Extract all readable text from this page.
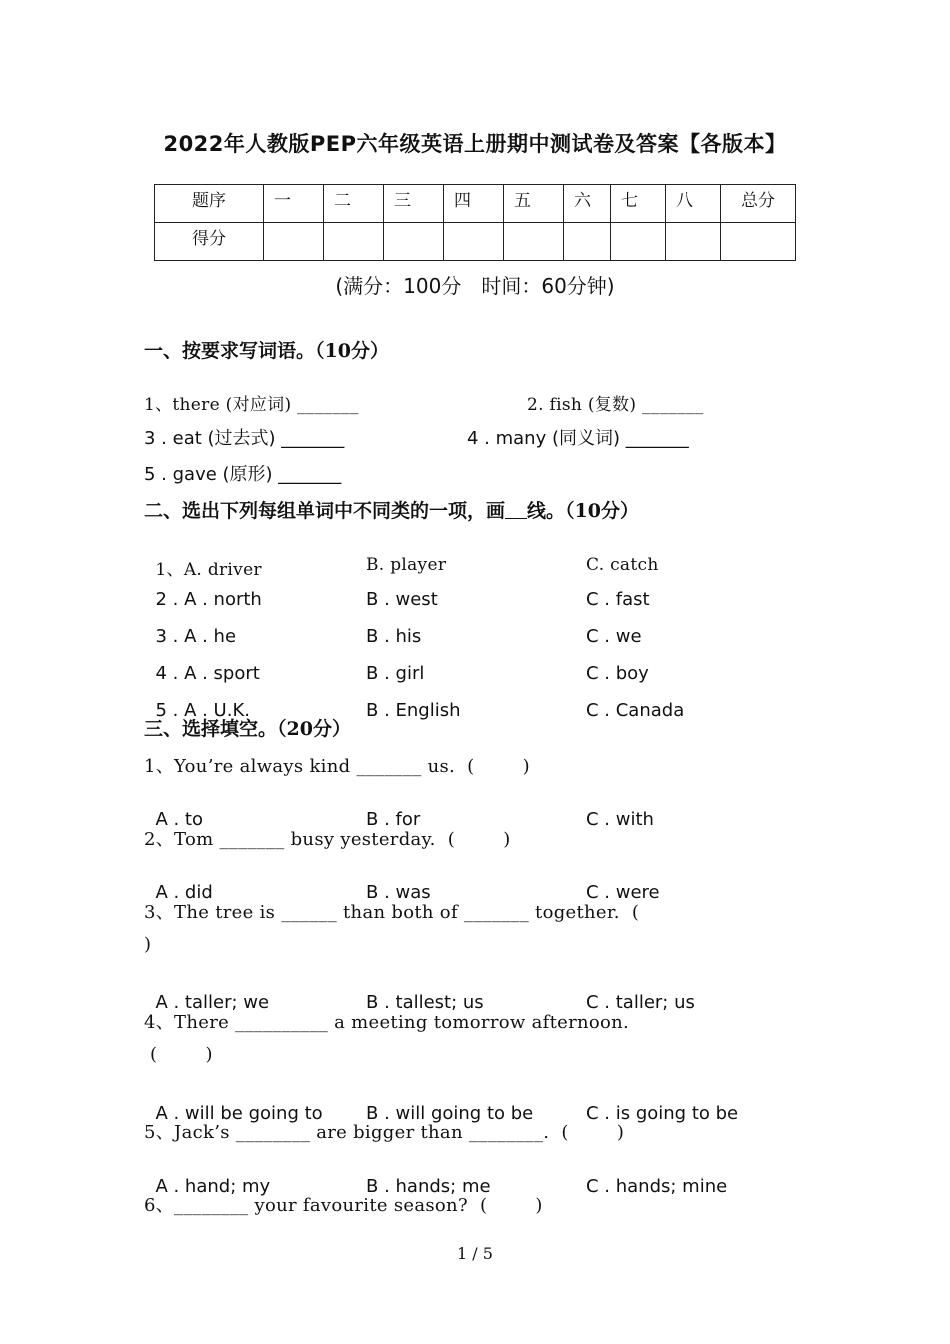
2022年人教版PEP六年级英语上册期中测试卷及答案【各版本】
题序	一	二	三	四	五	六	七	八	总分
得分									
(满分：100分　时间：60分钟)
一、按要求写词语。（10分）
1、there (对应词) _______	2. fish (复数) _______
3 . eat (过去式) _______	4 . many (同义词) _______
5 . gave (原形) _______
二、选出下列每组单词中不同类的一项，画 线。（10分）

1、A. driver	B. player	C. catch

2 . A . north	B . west	C . fast

3 . A . he	B . his	C . we

4 . A . sport	B . girl	C . boy

5 . A . U.K.	B . English	C . Canada

三、选择填空。（20分）
1、You’re always kind _______ us.  (        )

A . to	B . for	C . with

2、Tom _______ busy yesterday.  (        )

A . did	B . was	C . were

3、The tree is ______ than both of _______ together.  (
)

A . taller; we	B . tallest; us	C . taller; us

4、There __________ a meeting tomorrow afternoon.
(        )

A . will be going to B . will going to be	C . is going to be

5、Jack’s ________ are bigger than ________.  (        )

A . hand; my	B . hands; me	C . hands; mine

6、________ your favourite season?  (        )
1 / 5
